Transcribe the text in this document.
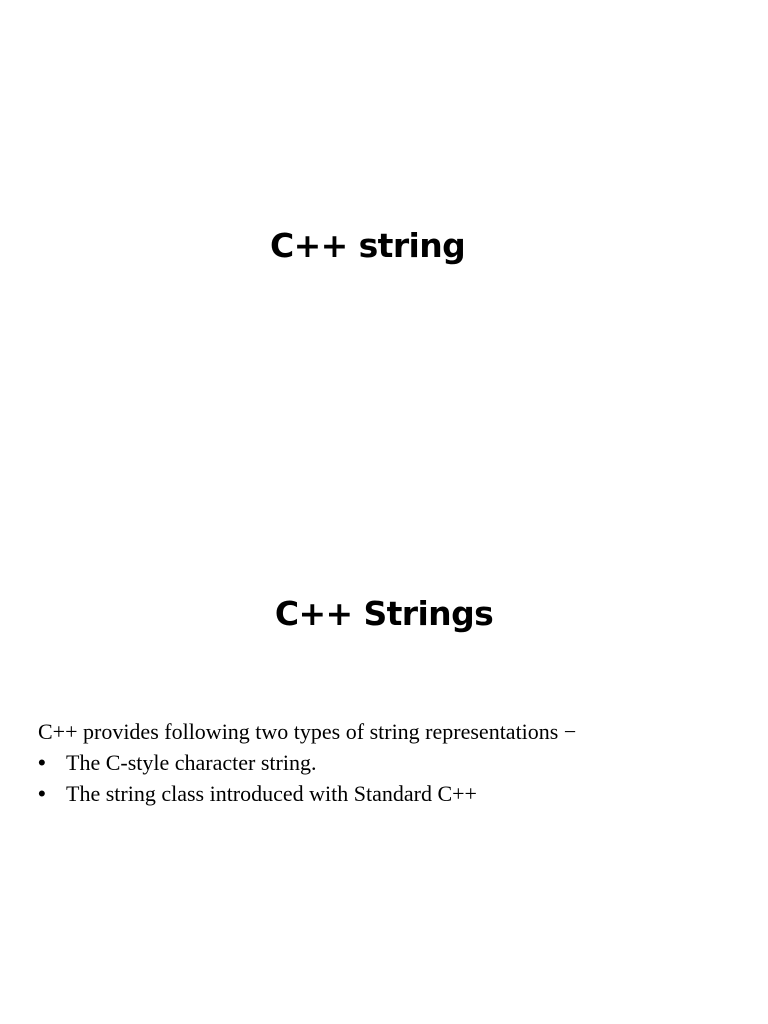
C++ string
C++ Strings

C++ provides following two types of string representations −

• The C-style character string.
• The string class introduced with Standard C++
